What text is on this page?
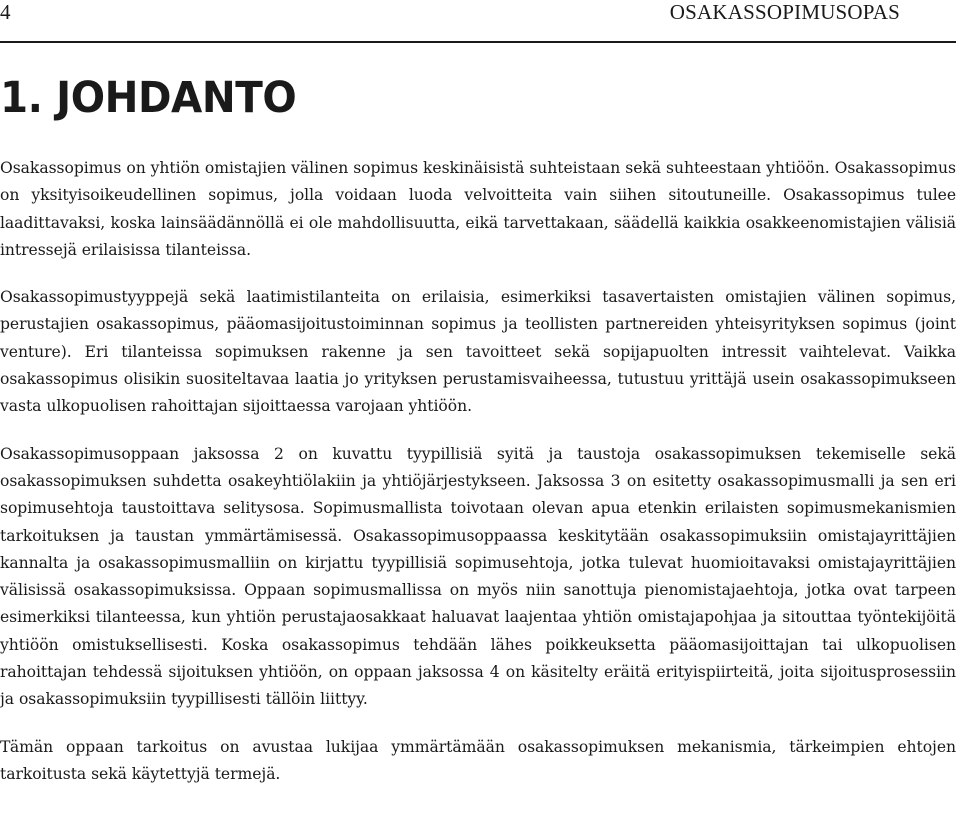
4	OSAKASSOPIMUSOPAS
1. JOHDANTO

Osakassopimus on yhtiön omistajien välinen sopimus keskinäisistä suhteistaan sekä suhteestaan yhtiöön. Osakassopimus on yksityisoikeudellinen sopimus, jolla voidaan luoda velvoitteita vain siihen sitoutuneille. Osakassopimus tulee laadittavaksi, koska lainsäädännöllä ei ole mahdollisuutta, eikä tarvettakaan, säädellä kaikkia osakkeenomistajien välisiä intressejä erilaisissa tilanteissa.

Osakassopimustyyppejä sekä laatimistilanteita on erilaisia, esimerkiksi tasavertaisten omistajien välinen sopimus, perustajien osakassopimus, pääomasijoitustoiminnan sopimus ja teollisten partnereiden yhteisyrityksen sopimus (joint venture). Eri tilanteissa sopimuksen rakenne ja sen tavoitteet sekä sopijapuolten intressit vaihtelevat. Vaikka osakassopimus olisikin suositeltavaa laatia jo yrityksen perustamisvaiheessa, tutustuu yrittäjä usein osakassopimukseen vasta ulkopuolisen rahoittajan sijoittaessa varojaan yhtiöön.

Osakassopimusoppaan jaksossa 2 on kuvattu tyypillisiä syitä ja taustoja osakassopimuksen tekemiselle sekä osakassopimuksen suhdetta osakeyhtiölakiin ja yhtiöjärjestykseen. Jaksossa 3 on esitetty osakassopimusmalli ja sen eri sopimusehtoja taustoittava selitysosa. Sopimusmallista toivotaan olevan apua etenkin erilaisten sopimusmekanismien tarkoituksen ja taustan ymmärtämisessä. Osakassopimusoppaassa keskitytään osakassopimuksiin omistajayrittäjien kannalta ja osakassopimusmalliin on kirjattu tyypillisiä sopimusehtoja, jotka tulevat huomioitavaksi omistajayrittäjien välisissä osakassopimuksissa. Oppaan sopimusmallissa on myös niin sanottuja pienomistajaehtoja, jotka ovat tarpeen esimerkiksi tilanteessa, kun yhtiön perustajaosakkaat haluavat laajentaa yhtiön omistajapohjaa ja sitouttaa työntekijöitä yhtiöön omistuksellisesti. Koska osakassopimus tehdään lähes poikkeuksetta pääomasijoittajan tai ulkopuolisen rahoittajan tehdessä sijoituksen yhtiöön, on oppaan jaksossa 4 on käsitelty eräitä erityispiirteitä, joita sijoitusprosessiin ja osakassopimuksiin tyypillisesti tällöin liittyy.

Tämän oppaan tarkoitus on avustaa lukijaa ymmärtämään osakassopimuksen mekanismia, tärkeimpien ehtojen tarkoitusta sekä käytettyjä termejä.
